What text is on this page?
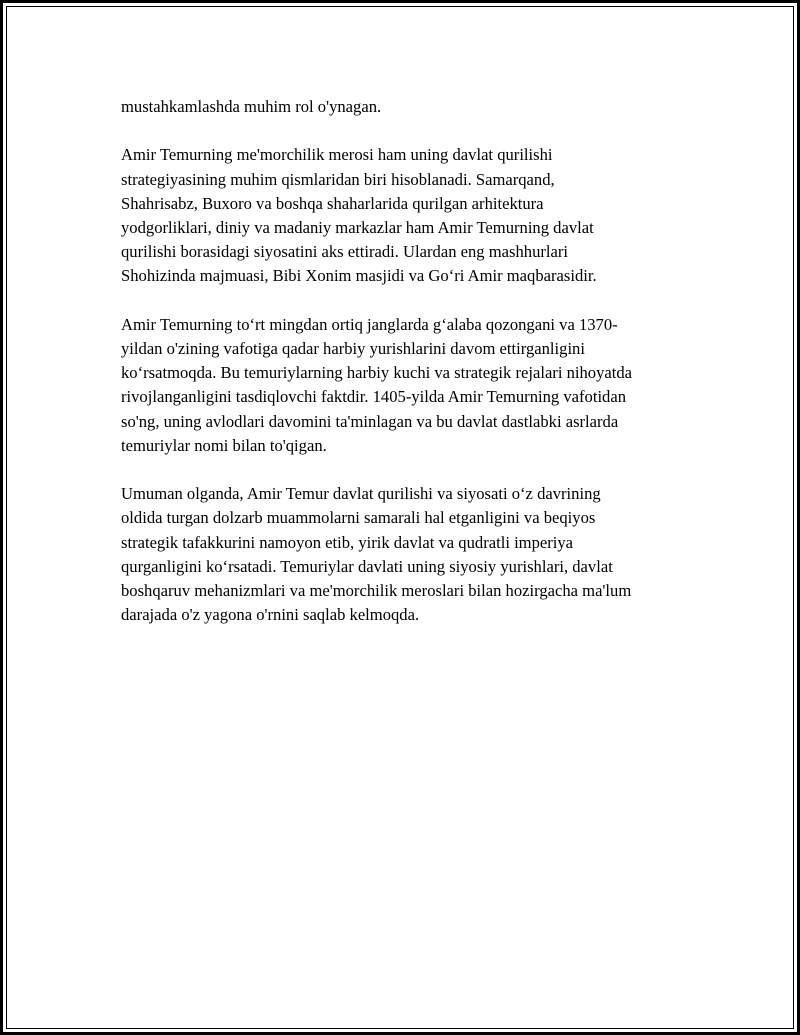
mustahkamlashda muhim rol o'ynagan.

Amir Temurning me'morchilik merosi ham uning davlat qurilishi
strategiyasining muhim qismlaridan biri hisoblanadi. Samarqand,
Shahrisabz, Buxoro va boshqa shaharlarida qurilgan arhitektura
yodgorliklari, diniy va madaniy markazlar ham Amir Temurning davlat
qurilishi borasidagi siyosatini aks ettiradi. Ulardan eng mashhurlari
Shohizinda majmuasi, Bibi Xonim masjidi va Go‘ri Amir maqbarasidir.

Amir Temurning to‘rt mingdan ortiq janglarda g‘alaba qozongani va 1370-
yildan o'zining vafotiga qadar harbiy yurishlarini davom ettirganligini
ko‘rsatmoqda. Bu temuriylarning harbiy kuchi va strategik rejalari nihoyatda
rivojlanganligini tasdiqlovchi faktdir. 1405-yilda Amir Temurning vafotidan
so'ng, uning avlodlari davomini ta'minlagan va bu davlat dastlabki asrlarda
temuriylar nomi bilan to'qigan.

Umuman olganda, Amir Temur davlat qurilishi va siyosati o‘z davrining
oldida turgan dolzarb muammolarni samarali hal etganligini va beqiyos
strategik tafakkurini namoyon etib, yirik davlat va qudratli imperiya
qurganligini ko‘rsatadi. Temuriylar davlati uning siyosiy yurishlari, davlat
boshqaruv mehanizmlari va me'morchilik meroslari bilan hozirgacha ma'lum
darajada o'z yagona o'rnini saqlab kelmoqda.
